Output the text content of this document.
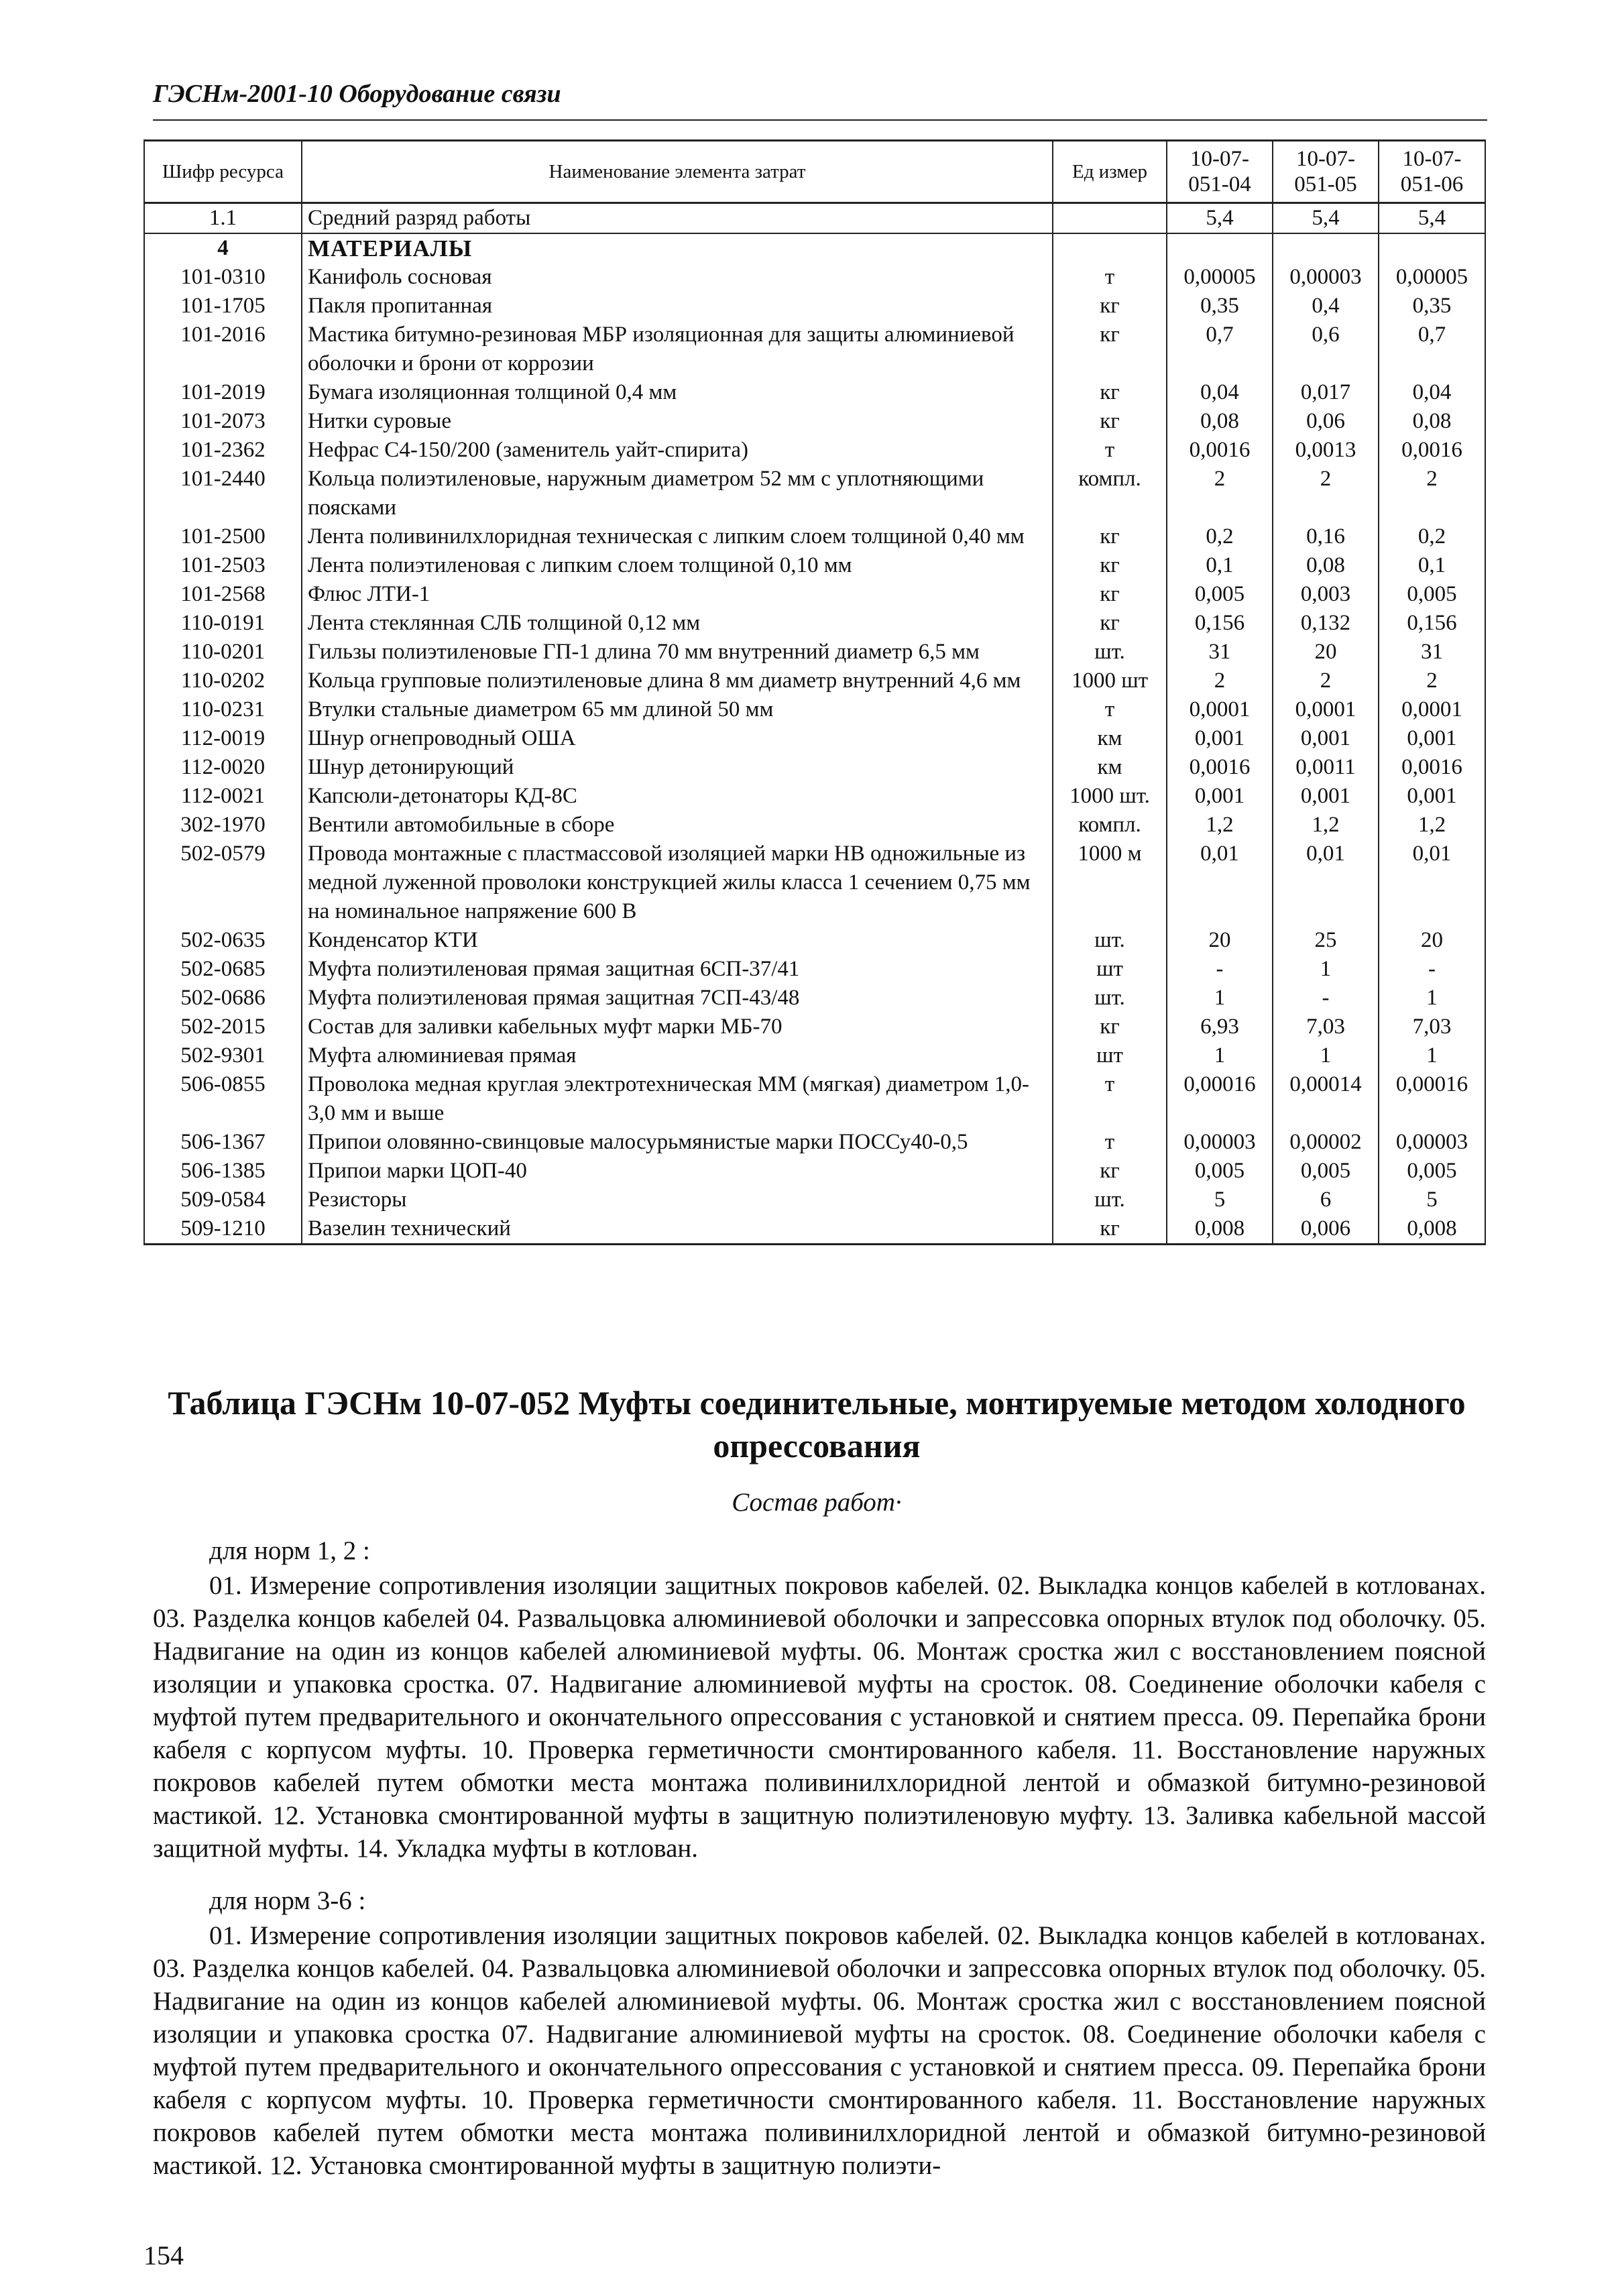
ГЭСНм-2001-10 Оборудование связи
Шифр ресурса	Наименование элемента затрат	Ед измер	10-07-051-04	10-07-051-05	10-07-051-06
1.1	Средний разряд работы		5,4	5,4	5,4
4	МАТЕРИАЛЫ				
101-0310	Канифоль сосновая	т	0,00005	0,00003	0,00005
101-1705	Пакля пропитанная	кг	0,35	0,4	0,35
101-2016	Мастика битумно-резиновая МБР изоляционная для защиты алюминиевой оболочки и брони от коррозии	кг	0,7	0,6	0,7
101-2019	Бумага изоляционная толщиной 0,4 мм	кг	0,04	0,017	0,04
101-2073	Нитки суровые	кг	0,08	0,06	0,08
101-2362	Нефрас С4-150/200 (заменитель уайт-спирита)	т	0,0016	0,0013	0,0016
101-2440	Кольца полиэтиленовые, наружным диаметром 52 мм с уплотняющими поясками	компл.	2	2	2
101-2500	Лента поливинилхлоридная техническая с липким слоем толщиной 0,40 мм	кг	0,2	0,16	0,2
101-2503	Лента полиэтиленовая с липким слоем толщиной 0,10 мм	кг	0,1	0,08	0,1
101-2568	Флюс ЛТИ-1	кг	0,005	0,003	0,005
110-0191	Лента стеклянная СЛБ толщиной 0,12 мм	кг	0,156	0,132	0,156
110-0201	Гильзы полиэтиленовые ГП-1 длина 70 мм внутренний диаметр 6,5 мм	шт.	31	20	31
110-0202	Кольца групповые полиэтиленовые длина 8 мм диаметр внутренний 4,6 мм	1000 шт	2	2	2
110-0231	Втулки стальные диаметром 65 мм длиной 50 мм	т	0,0001	0,0001	0,0001
112-0019	Шнур огнепроводный ОША	км	0,001	0,001	0,001
112-0020	Шнур детонирующий	км	0,0016	0,0011	0,0016
112-0021	Капсюли-детонаторы КД-8С	1000 шт.	0,001	0,001	0,001
302-1970	Вентили автомобильные в сборе	компл.	1,2	1,2	1,2
502-0579	Провода монтажные с пластмассовой изоляцией марки НВ одножильные из медной луженной проволоки конструкцией жилы класса 1 сечением 0,75 мм на номинальное напряжение 600 В	1000 м	0,01	0,01	0,01
502-0635	Конденсатор КТИ	шт.	20	25	20
502-0685	Муфта полиэтиленовая прямая защитная 6СП-37/41	шт	-	1	-
502-0686	Муфта полиэтиленовая прямая защитная 7СП-43/48	шт.	1	-	1
502-2015	Состав для заливки кабельных муфт марки МБ-70	кг	6,93	7,03	7,03
502-9301	Муфта алюминиевая прямая	шт	1	1	1
506-0855	Проволока медная круглая электротехническая ММ (мягкая) диаметром 1,0-3,0 мм и выше	т	0,00016	0,00014	0,00016
506-1367	Припои оловянно-свинцовые малосурьмянистые марки ПОССу40-0,5	т	0,00003	0,00002	0,00003
506-1385	Припои марки ЦОП-40	кг	0,005	0,005	0,005
509-0584	Резисторы	шт.	5	6	5
509-1210	Вазелин технический	кг	0,008	0,006	0,008
Таблица ГЭСНм 10-07-052 Муфты соединительные, монтируемые методом холодного опрессования
Состав работ·
для норм 1, 2 :
01. Измерение сопротивления изоляции защитных покровов кабелей. 02. Выкладка концов кабелей в котлованах. 03. Разделка концов кабелей 04. Развальцовка алюминиевой оболочки и запрессовка опорных втулок под оболочку. 05. Надвигание на один из концов кабелей алюминиевой муфты. 06. Монтаж сростка жил с восстановлением поясной изоляции и упаковка сростка. 07. Надвигание алюминиевой муфты на сросток. 08. Соединение оболочки кабеля с муфтой путем предварительного и окончательного опрессования с установкой и снятием пресса. 09. Перепайка брони кабеля с корпусом муфты. 10. Проверка герметичности смонтированного кабеля. 11. Восстановление наружных покровов кабелей путем обмотки места монтажа поливинилхлоридной лентой и обмазкой битумно-резиновой мастикой. 12. Установка смонтированной муфты в защитную полиэтиленовую муфту. 13. Заливка кабельной массой защитной муфты. 14. Укладка муфты в котлован.
для норм 3-6 :
01. Измерение сопротивления изоляции защитных покровов кабелей. 02. Выкладка концов кабелей в котлованах. 03. Разделка концов кабелей. 04. Развальцовка алюминиевой оболочки и запрессовка опорных втулок под оболочку. 05. Надвигание на один из концов кабелей алюминиевой муфты. 06. Монтаж сростка жил с восстановлением поясной изоляции и упаковка сростка 07. Надвигание алюминиевой муфты на сросток. 08. Соединение оболочки кабеля с муфтой путем предварительного и окончательного опрессования с установкой и снятием пресса. 09. Перепайка брони кабеля с корпусом муфты. 10. Проверка герметичности смонтированного кабеля. 11. Восстановление наружных покровов кабелей путем обмотки места монтажа поливинилхлоридной лентой и обмазкой битумно-резиновой мастикой. 12. Установка смонтированной муфты в защитную полиэти-
154
